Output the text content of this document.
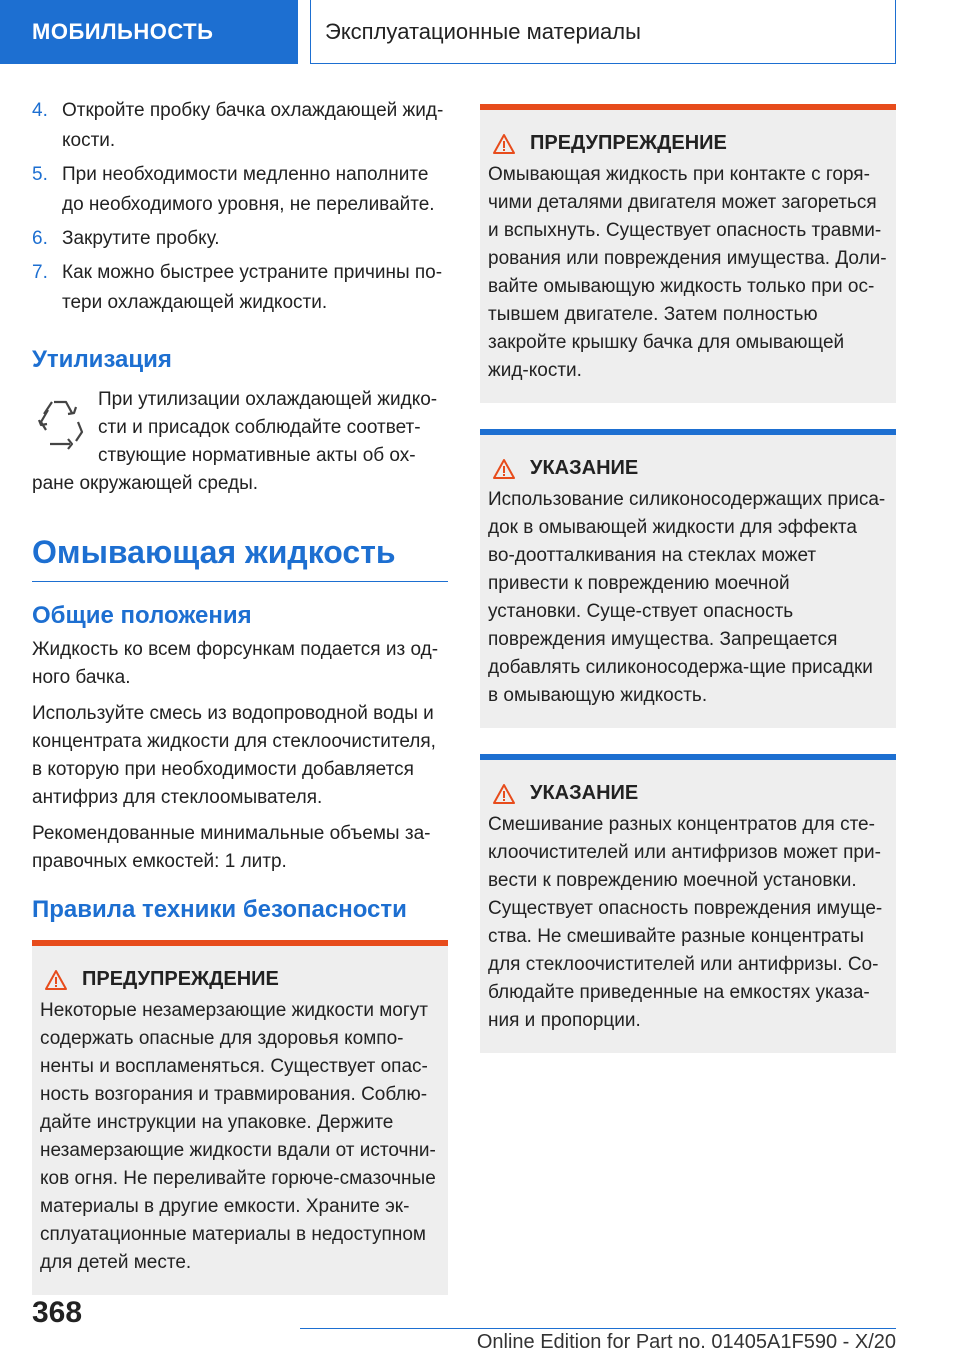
МОБИЛЬНОСТЬ	Эксплуатационные материалы
4. Откройте пробку бачка охлаждающей жид-кости.
5. При необходимости медленно наполните до необходимого уровня, не переливайте.
6. Закрутите пробку.
7. Как можно быстрее устраните причины по-тери охлаждающей жидкости.
Утилизация
При утилизации охлаждающей жидко-сти и присадок соблюдайте соответ-ствующие нормативные акты об ох-ране окружающей среды.
Омывающая жидкость
Общие положения

Жидкость ко всем форсункам подается из од-ного бачка.

Используйте смесь из водопроводной воды и концентрата жидкости для стеклоочистителя, в которую при необходимости добавляется антифриз для стеклоомывателя.

Рекомендованные минимальные объемы за-правочных емкостей: 1 литр.

Правила техники безопасности
ПРЕДУПРЕЖДЕНИЕ

Некоторые незамерзающие жидкости могут содержать опасные для здоровья компо-ненты и воспламеняться. Существует опас-ность возгорания и травмирования. Соблю-дайте инструкции на упаковке. Держите незамерзающие жидкости вдали от источни-ков огня. Не переливайте горюче-смазочные материалы в другие емкости. Храните эк-сплуатационные материалы в недоступном для детей месте.

ПРЕДУПРЕЖДЕНИЕ

Омывающая жидкость при контакте с горя-чими деталями двигателя может загореться и вспыхнуть. Существует опасность травми-рования или повреждения имущества. Доли-вайте омывающую жидкость только при ос-тывшем двигателе. Затем полностью закройте крышку бачка для омывающей жид-кости.

УКАЗАНИЕ

Использование силиконосодержащих приса-док в омывающей жидкости для эффекта во-доотталкивания на стеклах может привести к повреждению моечной установки. Суще-ствует опасность повреждения имущества. Запрещается добавлять силиконосодержа-щие присадки в омывающую жидкость.

УКАЗАНИЕ

Смешивание разных концентратов для сте-клоочистителей или антифризов может при-вести к повреждению моечной установки. Существует опасность повреждения имуще-ства. Не смешивайте разные концентраты для стеклоочистителей или антифризы. Со-блюдайте приведенные на емкостях указа-ния и пропорции.

368
Online Edition for Part no. 01405A1F590 - X/20
